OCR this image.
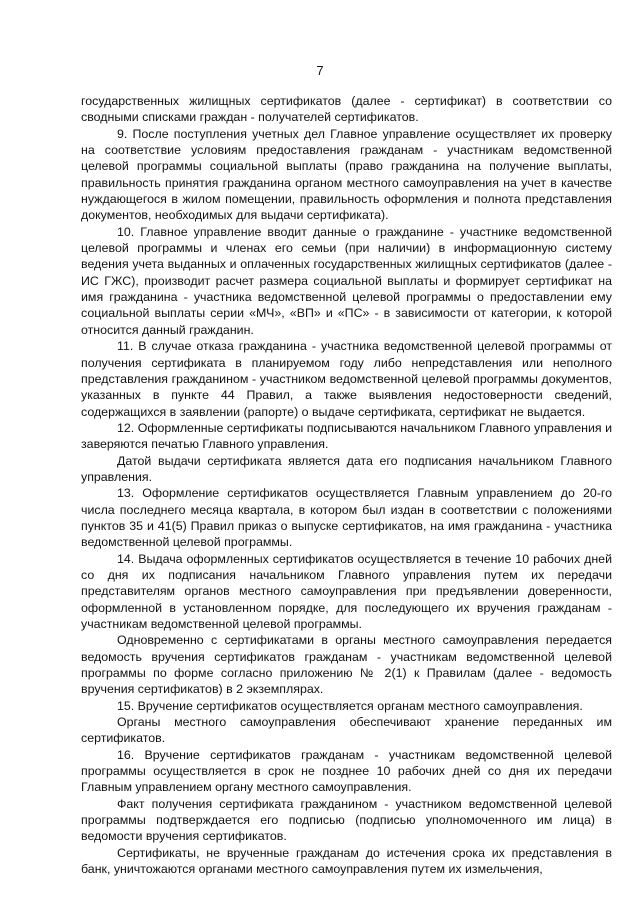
7

государственных жилищных сертификатов (далее - сертификат) в соответствии со сводными списками граждан - получателей сертификатов.

9. После поступления учетных дел Главное управление осуществляет их проверку на соответствие условиям предоставления гражданам - участникам ведомственной целевой программы социальной выплаты (право гражданина на получение выплаты, правильность принятия гражданина органом местного самоуправления на учет в качестве нуждающегося в жилом помещении, правильность оформления и полнота представления документов, необходимых для выдачи сертификата).

10. Главное управление вводит данные о гражданине - участнике ведомственной целевой программы и членах его семьи (при наличии) в информационную систему ведения учета выданных и оплаченных государственных жилищных сертификатов (далее - ИС ГЖС), производит расчет размера социальной выплаты и формирует сертификат на имя гражданина - участника ведомственной целевой программы о предоставлении ему социальной выплаты серии «МЧ», «ВП» и «ПС» - в зависимости от категории, к которой относится данный гражданин.

11. В случае отказа гражданина - участника ведомственной целевой программы от получения сертификата в планируемом году либо непредставления или неполного представления гражданином - участником ведомственной целевой программы документов, указанных в пункте 44 Правил, а также выявления недостоверности сведений, содержащихся в заявлении (рапорте) о выдаче сертификата, сертификат не выдается.

12. Оформленные сертификаты подписываются начальником Главного управления и заверяются печатью Главного управления.

Датой выдачи сертификата является дата его подписания начальником Главного управления.

13. Оформление сертификатов осуществляется Главным управлением до 20-го числа последнего месяца квартала, в котором был издан в соответствии с положениями пунктов 35 и 41(5) Правил приказ о выпуске сертификатов, на имя гражданина - участника ведомственной целевой программы.

14. Выдача оформленных сертификатов осуществляется в течение 10 рабочих дней со дня их подписания начальником Главного управления путем их передачи представителям органов местного самоуправления при предъявлении доверенности, оформленной в установленном порядке, для последующего их вручения гражданам - участникам ведомственной целевой программы.

Одновременно с сертификатами в органы местного самоуправления передается ведомость вручения сертификатов гражданам - участникам ведомственной целевой программы по форме согласно приложению № 2(1) к Правилам (далее - ведомость вручения сертификатов) в 2 экземплярах.

15. Вручение сертификатов осуществляется органам местного самоуправления.

Органы местного самоуправления обеспечивают хранение переданных им сертификатов.

16. Вручение сертификатов гражданам - участникам ведомственной целевой программы осуществляется в срок не позднее 10 рабочих дней со дня их передачи Главным управлением органу местного самоуправления.

Факт получения сертификата гражданином - участником ведомственной целевой программы подтверждается его подписью (подписью уполномоченного им лица) в ведомости вручения сертификатов.

Сертификаты, не врученные гражданам до истечения срока их представления в банк, уничтожаются органами местного самоуправления путем их измельчения,
